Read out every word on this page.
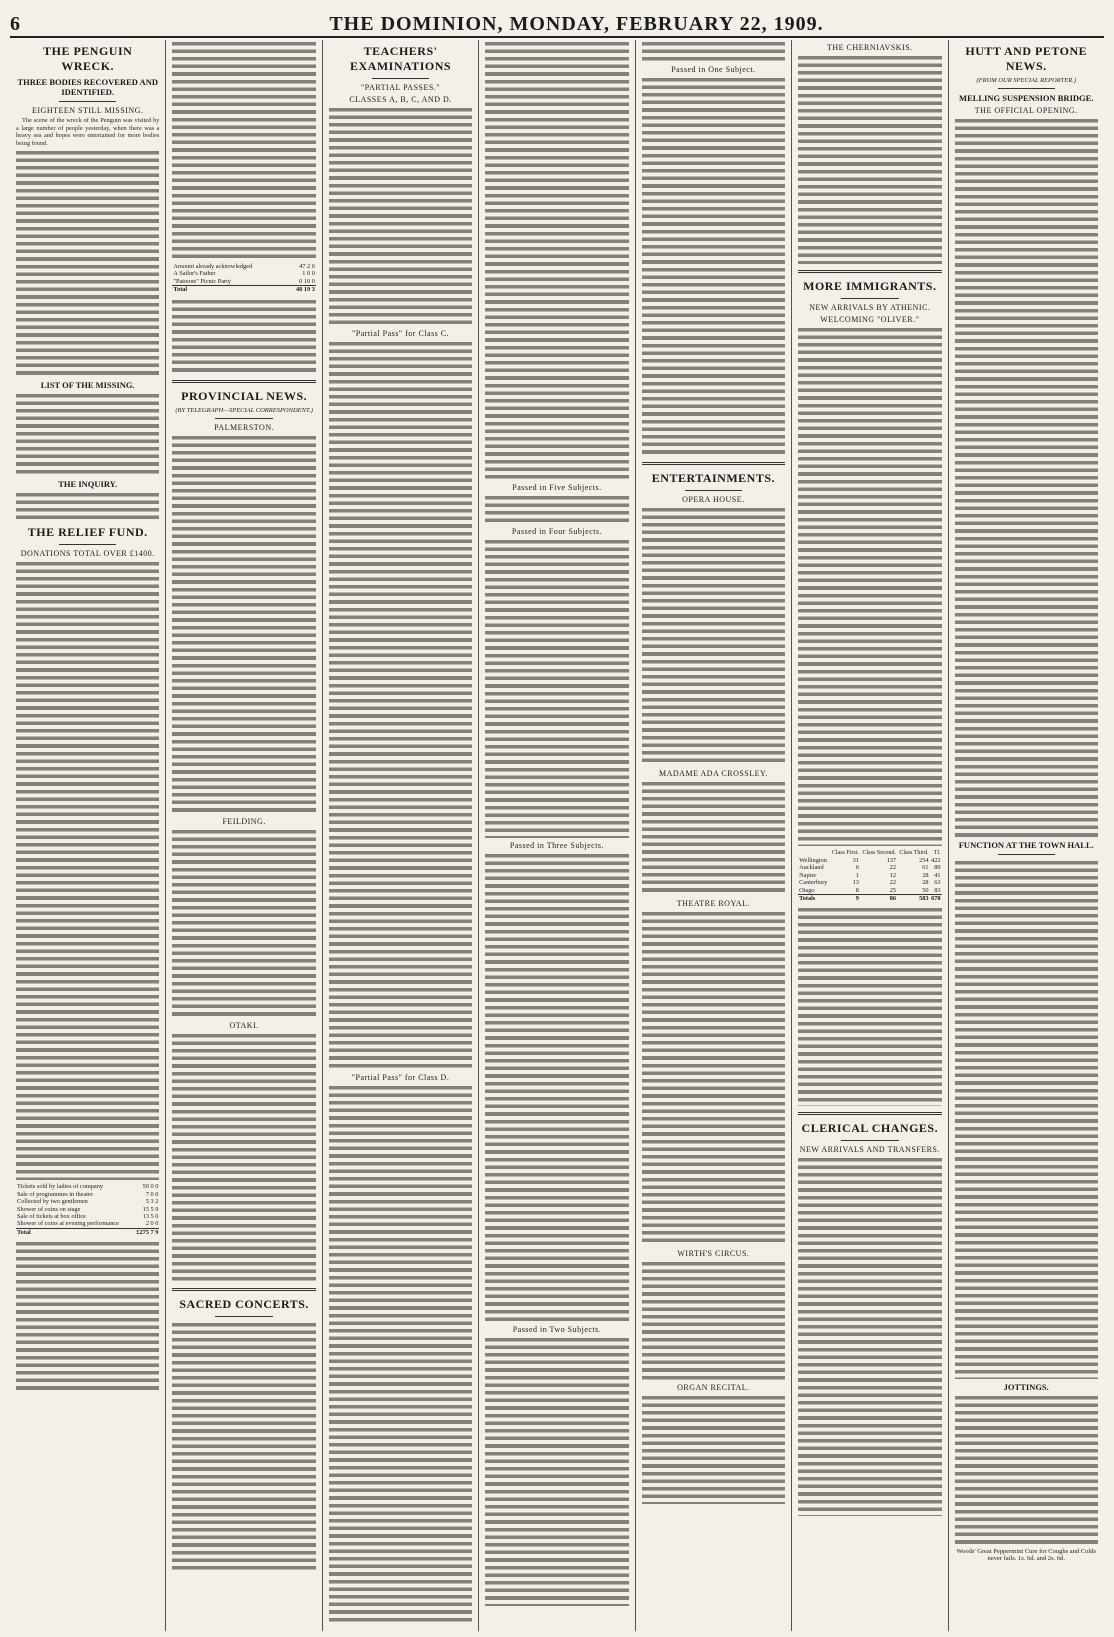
6	THE DOMINION, MONDAY, FEBRUARY 22, 1909.
THE PENGUIN WRECK.
THREE BODIES RECOVERED AND IDENTIFIED.
EIGHTEEN STILL MISSING.

The scene of the wreck of the Penguin was visited by a large number of people yesterday, when there was a heavy sea and hopes were entertained for more bodies being found.

LIST OF THE MISSING.
THE INQUIRY.
THE RELIEF FUND.
DONATIONS TOTAL OVER £1400.
Tickets sold by ladies of company	50 0 0
Sale of programmes in theatre	7 0 0
Collected by two gentlemen	5 3 2
Shower of coins on stage	15 5 9
Sale of tickets at box office	13 5 0
Shower of coins at evening performance	2 0 0
Total	£275 7 9
Amount already acknowledged	47 2 6
A Sailor's Father	1 0 0
"Patoone" Picnic Party	0 10 0
Total	48 19 3
PROVINCIAL NEWS.
(BY TELEGRAPH—SPECIAL CORRESPONDENT.)
PALMERSTON.
FEILDING.
OTAKI.
SACRED CONCERTS.
TEACHERS' EXAMINATIONS
"PARTIAL PASSES."
CLASSES A, B, C, AND D.
"Partial Pass" for Class C.
"Partial Pass" for Class D.
Passed in Five Subjects.
Passed in Four Subjects.
Passed in Three Subjects.
Passed in Two Subjects.
Passed in One Subject.
ENTERTAINMENTS.
OPERA HOUSE.
MADAME ADA CROSSLEY.
THEATRE ROYAL.
WIRTH'S CIRCUS.
ORGAN RECITAL.
THE CHERNIAVSKIS.
MORE IMMIGRANTS.
NEW ARRIVALS BY ATHENIC.
WELCOMING "OLIVER."
	Class First.	Class Second.	Class Third.	Tl.
Wellington	31	137	254	422
Auckland	6	22	61	89
Napier	1	12	28	41
Canterbury	13	22	28	63
Otago	8	25	50	83
Totals	9	86	583	678
CLERICAL CHANGES.
NEW ARRIVALS AND TRANSFERS.
HUTT AND PETONE NEWS.
(FROM OUR SPECIAL REPORTER.)
MELLING SUSPENSION BRIDGE.
THE OFFICIAL OPENING.
FUNCTION AT THE TOWN HALL.
JOTTINGS.
Woods' Great Peppermint Cure for Coughs and Colds never fails. 1s. 6d. and 2s. 6d.
